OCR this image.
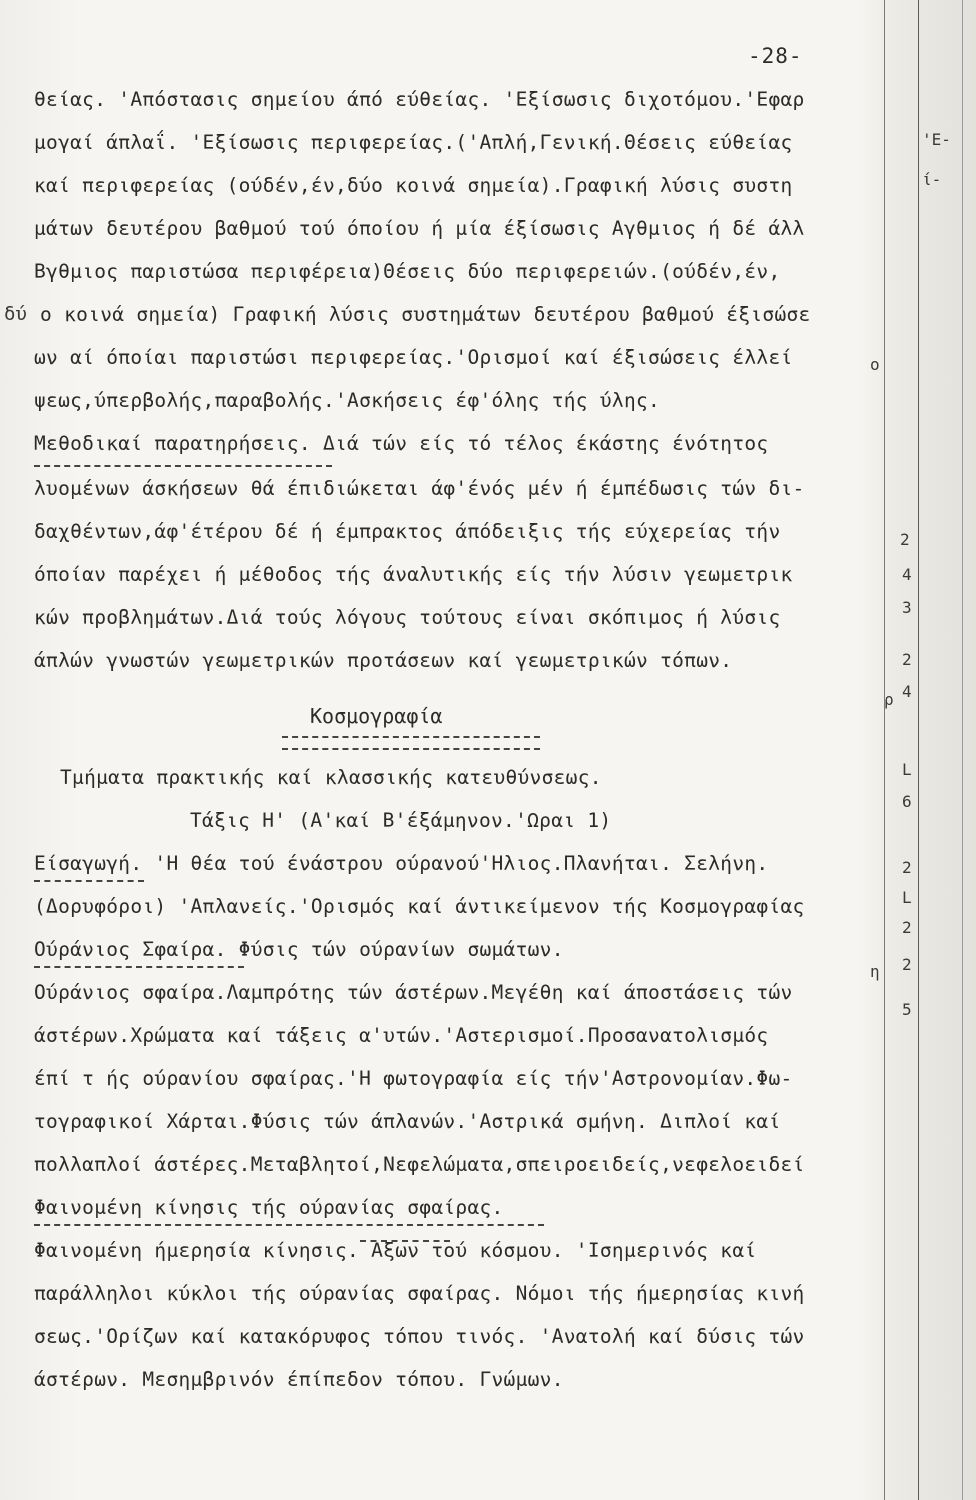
-28-
θείας. 'Απόστασις σημείου άπό εύθείας. 'Εξίσωσις διχοτόμου.'Εφαρ
μογαί άπλαΐ. 'Εξίσωσις περιφερείας.('Απλή,Γενική.Θέσεις εύθείας
καί περιφερείας (ούδέν,έν,δύο κοινά σημεία).Γραφική λύσις συστη
μάτων δευτέρου βαθμού τού όποίου ή μία έξίσωσις Αγθμιος ή δέ άλλ
Βγθμιος παριστώσα περιφέρεια)Θέσεις δύο περιφερειών.(ούδέν,έν,
δύ ο κοινά σημεία) Γραφική λύσις συστημάτων δευτέρου βαθμού έξισώσε
ων αί όποίαι παριστώσι περιφερείας.'Ορισμοί καί έξισώσεις έλλεί
ψεως,ύπερβολής,παραβολής.'Ασκήσεις έφ'όλης τής ύλης.
Μεθοδικαί παρατηρήσεις. Διά τών είς τό τέλος έκάστης ένότητος
λυομένων άσκήσεων θά έπιδιώκεται άφ'ένός μέν ή έμπέδωσις τών δι-
δαχθέντων,άφ'έτέρου δέ ή έμπρακτος άπόδειξις τής εύχερείας τήν
όποίαν παρέχει ή μέθοδος τής άναλυτικής είς τήν λύσιν γεωμετρικ
κών προβλημάτων.Διά τούς λόγους τούτους είναι σκόπιμος ή λύσις
άπλών γνωστών γεωμετρικών προτάσεων καί γεωμετρικών τόπων.
Κοσμογραφία
Τμήματα πρακτικής καί κλασσικής κατευθύνσεως.
Τάξις Η' (Α'καί Β'έξάμηνον.'Ωραι 1)
Είσαγωγή. 'Η θέα τού ένάστρου ούρανού'Ηλιος.Πλανήται. Σελήνη.
(Δορυφόροι) 'Απλανείς.'Ορισμός καί άντικείμενον τής Κοσμογραφίας
Ούράνιος Σφαίρα. Φύσις τών ούρανίων σωμάτων.
Ούράνιος σφαίρα.Λαμπρότης τών άστέρων.Μεγέθη καί άποστάσεις τών
άστέρων.Χρώματα καί τάξεις α'υτών.'Αστερισμοί.Προσανατολισμός
έπί τ ής ούρανίου σφαίρας.'Η φωτογραφία είς τήν'Αστρονομίαν.Φω-
τογραφικοί Χάρται.Φύσις τών άπλανών.'Αστρικά σμήνη. Διπλοί καί
πολλαπλοί άστέρες.Μεταβλητοί,Νεφελώματα,σπειροειδείς,νεφελοειδεί
Φαινομένη κίνησις τής ούρανίας σφαίρας.
Φαινομένη ήμερησία κίνησις. Αξων τού κόσμου. 'Ισημερινός καί
παράλληλοι κύκλοι τής ούρανίας σφαίρας. Νόμοι τής ήμερησίας κινή
σεως.'Ορίζων καί κατακόρυφος τόπου τινός. 'Ανατολή καί δύσις τών
άστέρων. Μεσημβρινόν έπίπεδον τόπου. Γνώμων.
'Ε-
ί-
ο
2
4
3
2
4
ρ
L
6
2
L
2
η 2
5
